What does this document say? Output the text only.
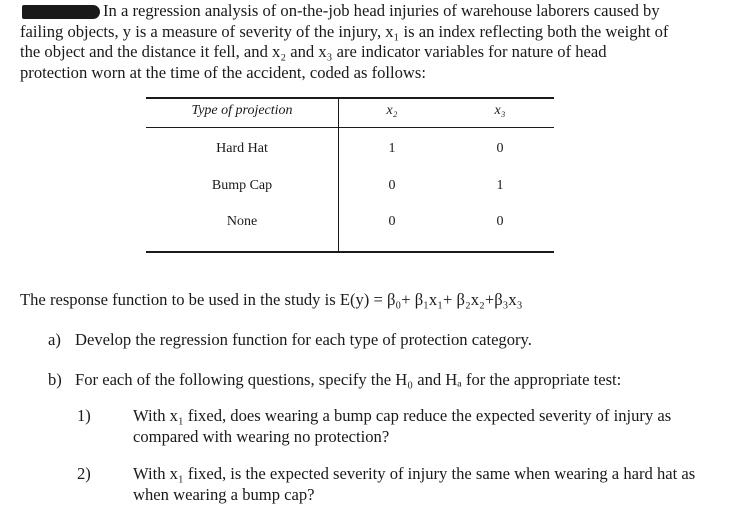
In a regression analysis of on-the-job head injuries of warehouse laborers caused by
failing objects, y is a measure of severity of the injury, x₁ is an index reflecting both the weight of
the object and the distance it fell, and x₂ and x₃ are indicator variables for nature of head
protection worn at the time of the accident, coded as follows:

Type of projection	x₂	x₃
Hard Hat	1	0
Bump Cap	0	1
None	0	0

The response function to be used in the study is E(y) = β₀+ β₁x₁+ β₂x₂+β₃x₃

a) Develop the regression function for each type of protection category.

b) For each of the following questions, specify the H₀ and Hₐ for the appropriate test:

1)	With x₁ fixed, does wearing a bump cap reduce the expected severity of injury as compared with wearing no protection?

2)	With x₁ fixed, is the expected severity of injury the same when wearing a hard hat as when wearing a bump cap?
